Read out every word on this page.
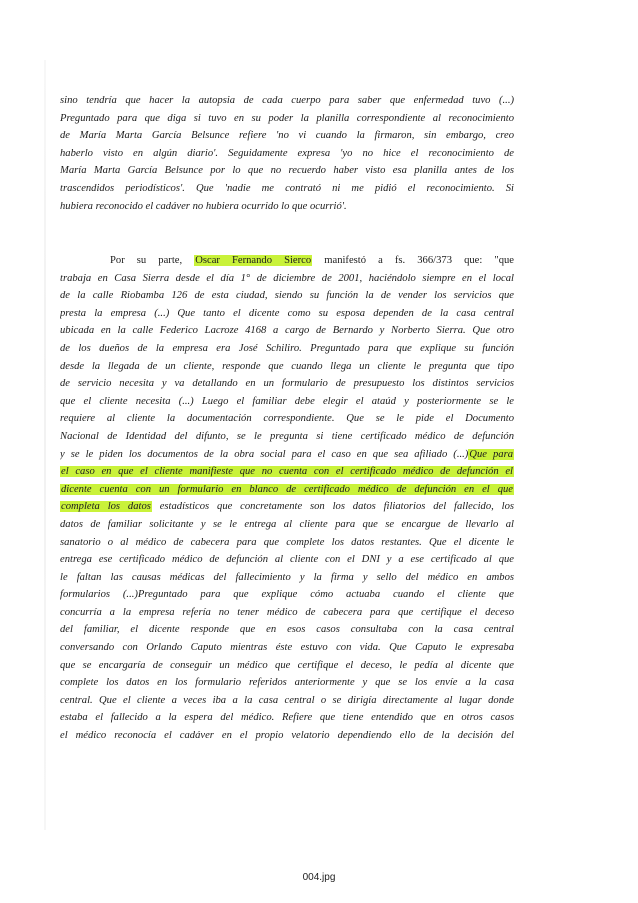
sino tendría que hacer la autopsia de cada cuerpo para saber que enfermedad tuvo (...)
Preguntado para que diga si tuvo en su poder la planilla correspondiente al reconocimiento
de María Marta García Belsunce refiere 'no vi cuando la firmaron, sin embargo, creo
haberlo visto en algún diario'. Seguidamente expresa 'yo no hice el reconocimiento de
María Marta García Belsunce por lo que no recuerdo haber visto esa planilla antes de los
trascendidos periodísticos'. Que 'nadie me contrató ni me pidió el reconocimiento. Si
hubiera reconocido el cadáver no hubiera ocurrido lo que ocurrió'.
Por su parte, Oscar Fernando Sierco manifestó a fs. 366/373 que: "que
trabaja en Casa Sierra desde el día 1° de diciembre de 2001, haciéndolo siempre en el local
de la calle Riobamba 126 de esta ciudad, siendo su función la de vender los servicios que
presta la empresa (...) Que tanto el dicente como su esposa dependen de la casa central
ubicada en la calle Federico Lacroze 4168 a cargo de Bernardo y Norberto Sierra. Que otro
de los dueños de la empresa era José Schiliro. Preguntado para que explique su función
desde la llegada de un cliente, responde que cuando llega un cliente le pregunta que tipo
de servicio necesita y va detallando en un formulario de presupuesto los distintos servicios
que el cliente necesita (...) Luego el familiar debe elegir el ataúd y posteriormente se le
requiere al cliente la documentación correspondiente. Que se le pide el Documento
Nacional de Identidad del difunto, se le pregunta si tiene certificado médico de defunción
y se le piden los documentos de la obra social para el caso en que sea afiliado (...)Que para
el caso en que el cliente manifieste que no cuenta con el certificado médico de defunción el
dicente cuenta con un formulario en blanco de certificado médico de defunción en el que
completa los datos estadísticos que concretamente son los datos filiatorios del fallecido, los
datos de familiar solicitante y se le entrega al cliente para que se encargue de llevarlo al
sanatorio o al médico de cabecera para que complete los datos restantes. Que el dicente le
entrega ese certificado médico de defunción al cliente con el DNI y a ese certificado al que
le faltan las causas médicas del fallecimiento y la firma y sello del médico en ambos
formularios (...)Preguntado para que explique cómo actuaba cuando el cliente que
concurría a la empresa refería no tener médico de cabecera para que certifique el deceso
del familiar, el dicente responde que en esos casos consultaba con la casa central
conversando con Orlando Caputo mientras éste estuvo con vida. Que Caputo le expresaba
que se encargaría de conseguir un médico que certifique el deceso, le pedía al dicente que
complete los datos en los formulario referidos anteriormente y que se los envíe a la casa
central. Que el cliente a veces iba a la casa central o se dirigía directamente al lugar donde
estaba el fallecido a la espera del médico. Refiere que tiene entendido que en otros casos
el médico reconocía el cadáver en el propio velatorio dependiendo ello de la decisión del
004.jpg
